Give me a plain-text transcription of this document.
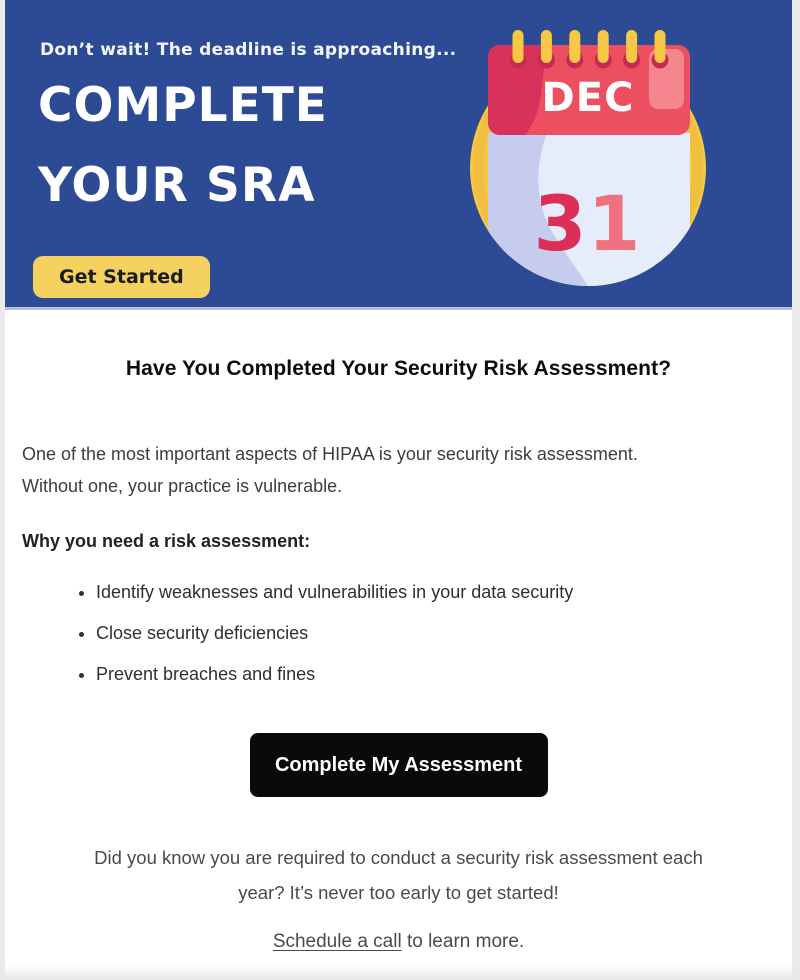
Don’t wait! The deadline is approaching...
COMPLETE
YOUR SRA
Get Started
DEC
31
Have You Completed Your Security Risk Assessment?

One of the most important aspects of HIPAA is your security risk assessment.
Without one, your practice is vulnerable.

Why you need a risk assessment:

• Identify weaknesses and vulnerabilities in your data security
• Close security deficiencies
• Prevent breaches and fines
Complete My Assessment

Did you know you are required to conduct a security risk assessment each
year? It’s never too early to get started!

Schedule a call to learn more.
